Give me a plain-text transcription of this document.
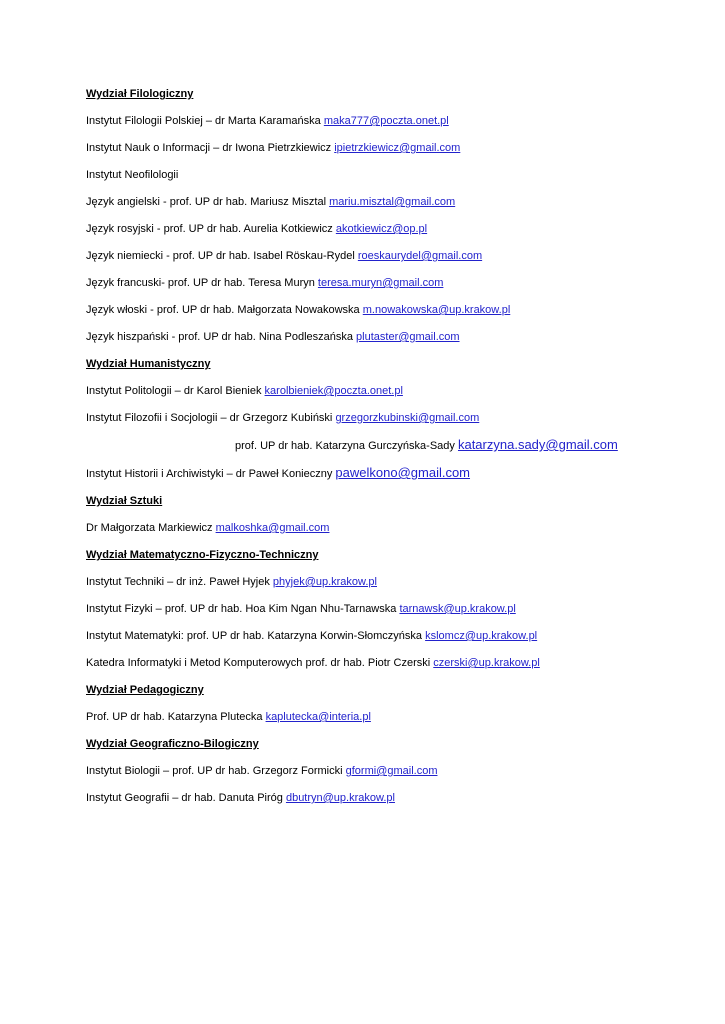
Wydział Filologiczny
Instytut Filologii Polskiej – dr Marta Karamańska maka777@poczta.onet.pl
Instytut Nauk o Informacji – dr Iwona Pietrzkiewicz ipietrzkiewicz@gmail.com
Instytut Neofilologii
Język angielski - prof. UP dr hab. Mariusz Misztal mariu.misztal@gmail.com
Język rosyjski - prof. UP dr hab. Aurelia Kotkiewicz akotkiewicz@op.pl
Język niemiecki - prof. UP dr hab. Isabel Röskau-Rydel roeskaurydel@gmail.com
Język francuski- prof. UP dr hab. Teresa Muryn teresa.muryn@gmail.com
Język włoski - prof. UP dr hab. Małgorzata Nowakowska m.nowakowska@up.krakow.pl
Język hiszpański - prof. UP dr hab. Nina Podleszańska plutaster@gmail.com
Wydział Humanistyczny
Instytut Politologii – dr Karol Bieniek karolbieniek@poczta.onet.pl
Instytut Filozofii i Socjologii – dr Grzegorz Kubiński grzegorzkubinski@gmail.com
prof. UP dr hab. Katarzyna Gurczyńska-Sady katarzyna.sady@gmail.com
Instytut Historii i Archiwistyki – dr Paweł Konieczny pawelkono@gmail.com
Wydział Sztuki
Dr Małgorzata Markiewicz malkoshka@gmail.com
Wydział Matematyczno-Fizyczno-Techniczny
Instytut Techniki – dr inż. Paweł Hyjek phyjek@up.krakow.pl
Instytut Fizyki – prof. UP dr hab. Hoa Kim Ngan Nhu-Tarnawska tarnawsk@up.krakow.pl
Instytut Matematyki: prof. UP dr hab. Katarzyna Korwin-Słomczyńska kslomcz@up.krakow.pl
Katedra Informatyki i Metod Komputerowych prof. dr hab. Piotr Czerski czerski@up.krakow.pl
Wydział Pedagogiczny
Prof. UP dr hab. Katarzyna Plutecka kaplutecka@interia.pl
Wydział Geograficzno-Bilogiczny
Instytut Biologii – prof. UP dr hab. Grzegorz Formicki gformi@gmail.com
Instytut Geografii – dr hab. Danuta Piróg dbutryn@up.krakow.pl
